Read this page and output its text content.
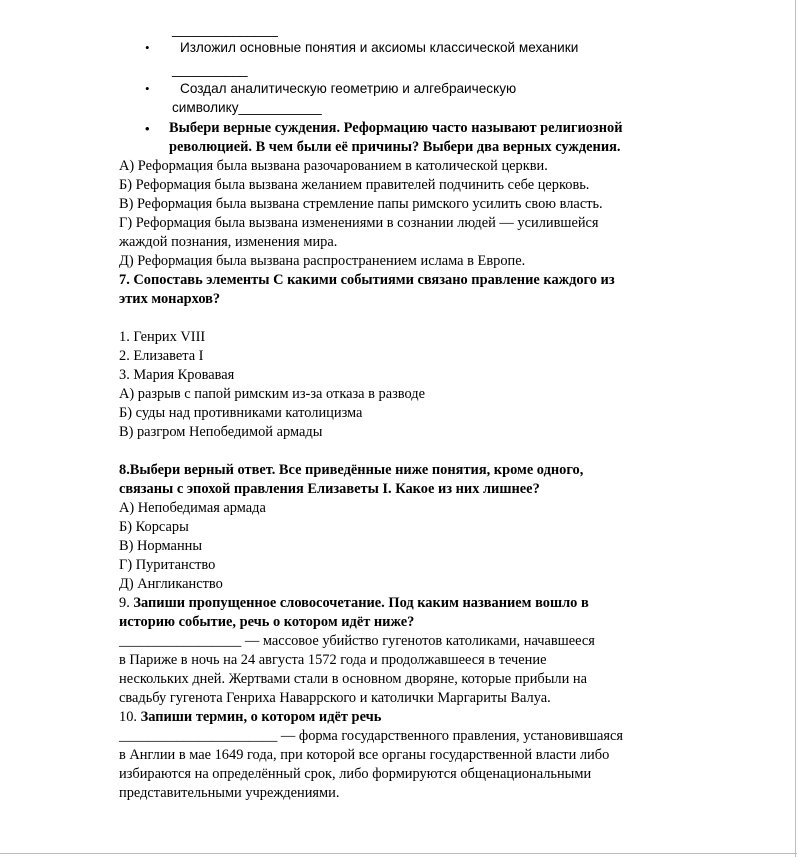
______________
• Изложил основные понятия и аксиомы классической механики
__________
• Создал аналитическую геометрию и алгебраическую
символику___________
• Выбери верные суждения. Реформацию часто называют религиозной
революцией. В чем были её причины? Выбери два верных суждения.
А) Реформация была вызвана разочарованием в католической церкви.
Б) Реформация была вызвана желанием правителей подчинить себе церковь.
В) Реформация была вызвана стремление папы римского усилить свою власть.
Г) Реформация была вызвана изменениями в сознании людей — усилившейся
жаждой познания, изменения мира.
Д) Реформация была вызвана распространением ислама в Европе.
7. Сопоставь элементы С какими событиями связано правление каждого из
этих монархов?
1. Генрих VIII
2. Елизавета I
3. Мария Кровавая
А) разрыв с папой римским из-за отказа в разводе
Б) суды над противниками католицизма
В) разгром Непобедимой армады
8.Выбери верный ответ. Все приведённые ниже понятия, кроме одного,
связаны с эпохой правления Елизаветы I. Какое из них лишнее?
А) Непобедимая армада
Б) Корсары
В) Норманны
Г) Пуританство
Д) Англиканство
9. Запиши пропущенное словосочетание. Под каким названием вошло в
историю событие, речь о котором идёт ниже?
_________________ — массовое убийство гугенотов католиками, начавшееся
в Париже в ночь на 24 августа 1572 года и продолжавшееся в течение
нескольких дней. Жертвами стали в основном дворяне, которые прибыли на
свадьбу гугенота Генриха Наваррского и католички Маргариты Валуа.
10. Запиши термин, о котором идёт речь
______________________ — форма государственного правления, установившаяся
в Англии в мае 1649 года, при которой все органы государственной власти либо
избираются на определённый срок, либо формируются общенациональными
представительными учреждениями.
